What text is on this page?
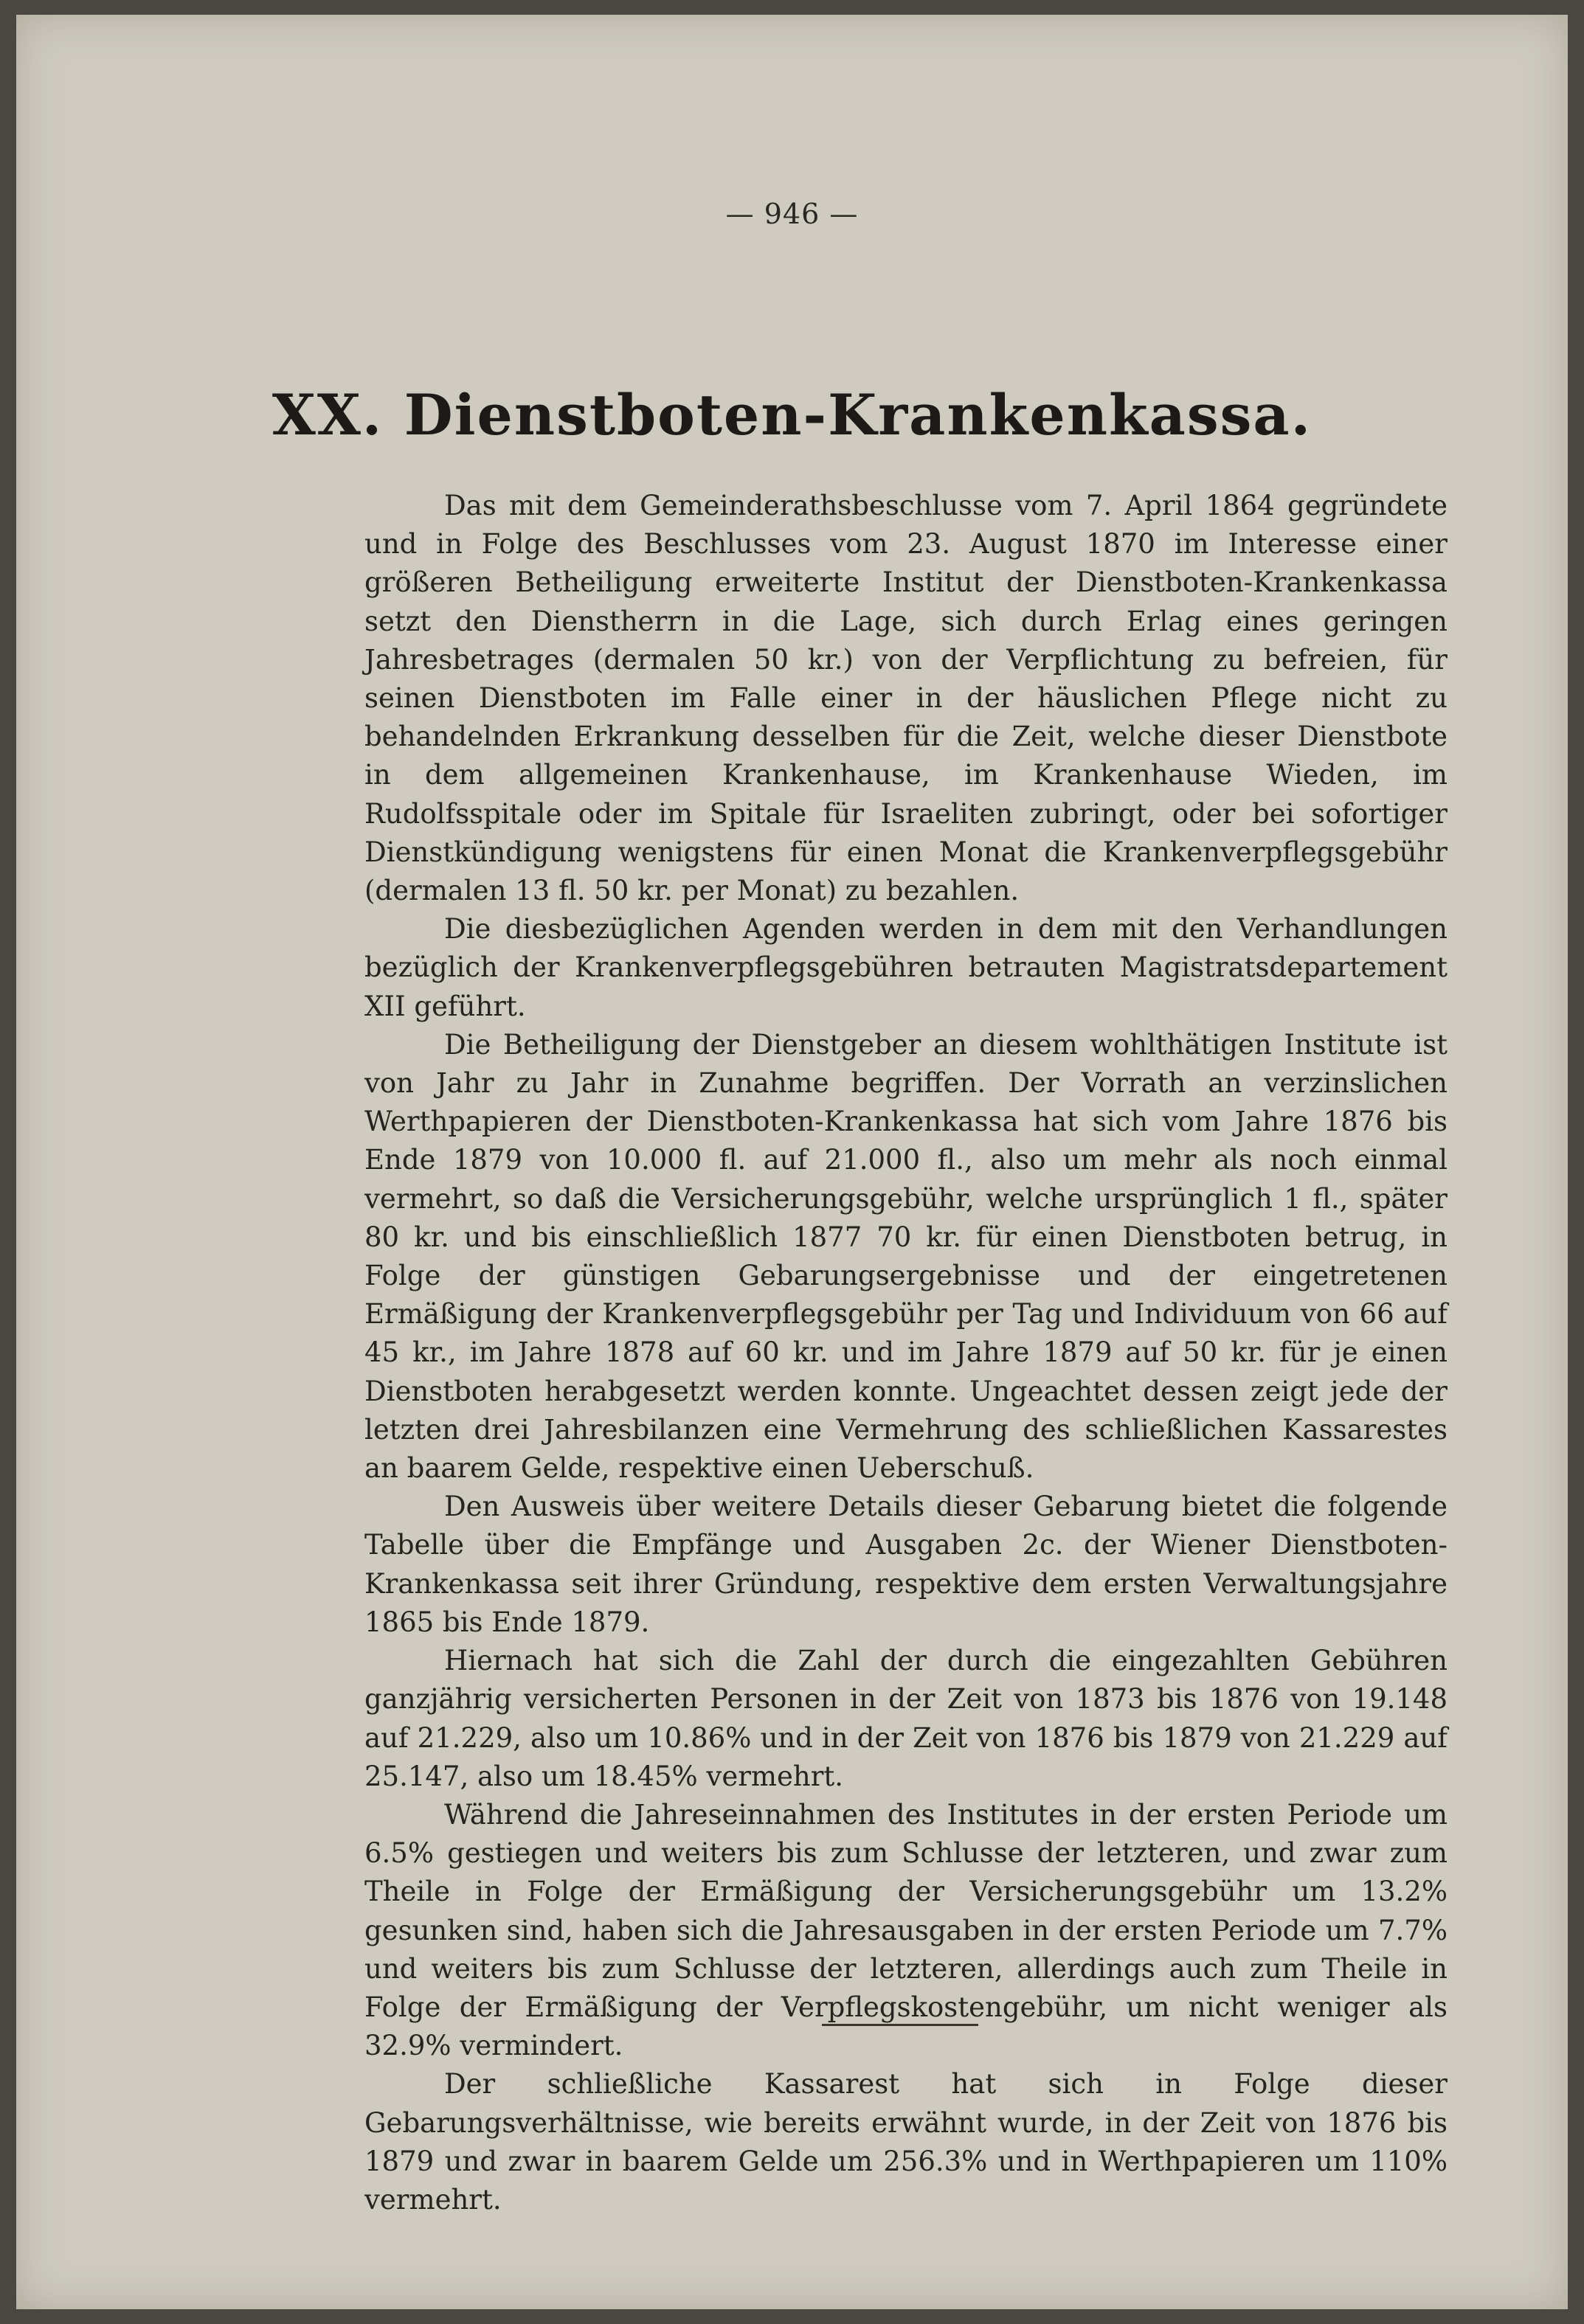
— 946 —
XX. Dienstboten-Krankenkassa.

Das mit dem Gemeinderathsbeschlusse vom 7. April 1864 gegründete und in Folge des Beschlusses vom 23. August 1870 im Interesse einer größeren Betheiligung erweiterte Institut der Dienstboten-Krankenkassa setzt den Dienstherrn in die Lage, sich durch Erlag eines geringen Jahresbetrages (dermalen 50 kr.) von der Verpflichtung zu befreien, für seinen Dienstboten im Falle einer in der häuslichen Pflege nicht zu behandelnden Erkrankung desselben für die Zeit, welche dieser Dienstbote in dem allgemeinen Krankenhause, im Krankenhause Wieden, im Rudolfsspitale oder im Spitale für Israeliten zubringt, oder bei sofortiger Dienstkündigung wenigstens für einen Monat die Krankenverpflegsgebühr (dermalen 13 fl. 50 kr. per Monat) zu bezahlen.

Die diesbezüglichen Agenden werden in dem mit den Verhandlungen bezüglich der Krankenverpflegsgebühren betrauten Magistratsdepartement XII geführt.

Die Betheiligung der Dienstgeber an diesem wohlthätigen Institute ist von Jahr zu Jahr in Zunahme begriffen. Der Vorrath an verzinslichen Werthpapieren der Dienstboten-Krankenkassa hat sich vom Jahre 1876 bis Ende 1879 von 10.000 fl. auf 21.000 fl., also um mehr als noch einmal vermehrt, so daß die Versicherungsgebühr, welche ursprünglich 1 fl., später 80 kr. und bis einschließlich 1877 70 kr. für einen Dienstboten betrug, in Folge der günstigen Gebarungsergebnisse und der eingetretenen Ermäßigung der Krankenverpflegsgebühr per Tag und Individuum von 66 auf 45 kr., im Jahre 1878 auf 60 kr. und im Jahre 1879 auf 50 kr. für je einen Dienstboten herabgesetzt werden konnte. Ungeachtet dessen zeigt jede der letzten drei Jahresbilanzen eine Vermehrung des schließlichen Kassarestes an baarem Gelde, respektive einen Ueberschuß.

Den Ausweis über weitere Details dieser Gebarung bietet die folgende Tabelle über die Empfänge und Ausgaben 2c. der Wiener Dienstboten-Krankenkassa seit ihrer Gründung, respektive dem ersten Verwaltungsjahre 1865 bis Ende 1879.

Hiernach hat sich die Zahl der durch die eingezahlten Gebühren ganzjährig versicherten Personen in der Zeit von 1873 bis 1876 von 19.148 auf 21.229, also um 10.86% und in der Zeit von 1876 bis 1879 von 21.229 auf 25.147, also um 18.45% vermehrt.

Während die Jahreseinnahmen des Institutes in der ersten Periode um 6.5% gestiegen und weiters bis zum Schlusse der letzteren, und zwar zum Theile in Folge der Ermäßigung der Versicherungsgebühr um 13.2% gesunken sind, haben sich die Jahresausgaben in der ersten Periode um 7.7% und weiters bis zum Schlusse der letzteren, allerdings auch zum Theile in Folge der Ermäßigung der Verpflegskostengebühr, um nicht weniger als 32.9% vermindert.

Der schließliche Kassarest hat sich in Folge dieser Gebarungsverhältnisse, wie bereits erwähnt wurde, in der Zeit von 1876 bis 1879 und zwar in baarem Gelde um 256.3% und in Werthpapieren um 110% vermehrt.
